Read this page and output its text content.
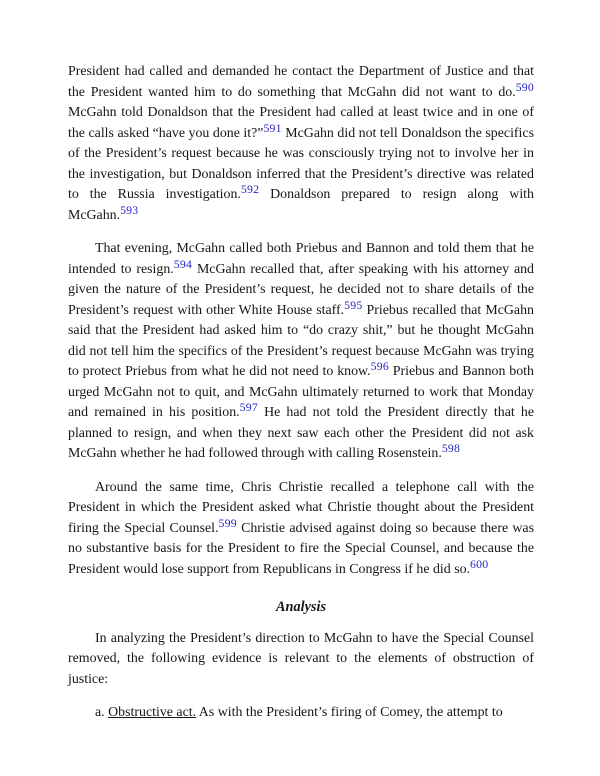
President had called and demanded he contact the Department of Justice and that the President wanted him to do something that McGahn did not want to do.$^{590}$ McGahn told Donaldson that the President had called at least twice and in one of the calls asked “have you done it?”$^{591}$ McGahn did not tell Donaldson the specifics of the President’s request because he was consciously trying not to involve her in the investigation, but Donaldson inferred that the President’s directive was related to the Russia investigation.$^{592}$ Donaldson prepared to resign along with McGahn.$^{593}$

That evening, McGahn called both Priebus and Bannon and told them that he intended to resign.$^{594}$ McGahn recalled that, after speaking with his attorney and given the nature of the President’s request, he decided not to share details of the President’s request with other White House staff.$^{595}$ Priebus recalled that McGahn said that the President had asked him to “do crazy shit,” but he thought McGahn did not tell him the specifics of the President’s request because McGahn was trying to protect Priebus from what he did not need to know.$^{596}$ Priebus and Bannon both urged McGahn not to quit, and McGahn ultimately returned to work that Monday and remained in his position.$^{597}$ He had not told the President directly that he planned to resign, and when they next saw each other the President did not ask McGahn whether he had followed through with calling Rosenstein.$^{598}$

Around the same time, Chris Christie recalled a telephone call with the President in which the President asked what Christie thought about the President firing the Special Counsel.$^{599}$ Christie advised against doing so because there was no substantive basis for the President to fire the Special Counsel, and because the President would lose support from Republicans in Congress if he did so.$^{600}$

Analysis

In analyzing the President’s direction to McGahn to have the Special Counsel removed, the following evidence is relevant to the elements of obstruction of justice:

a. Obstructive act. As with the President’s firing of Comey, the attempt to
